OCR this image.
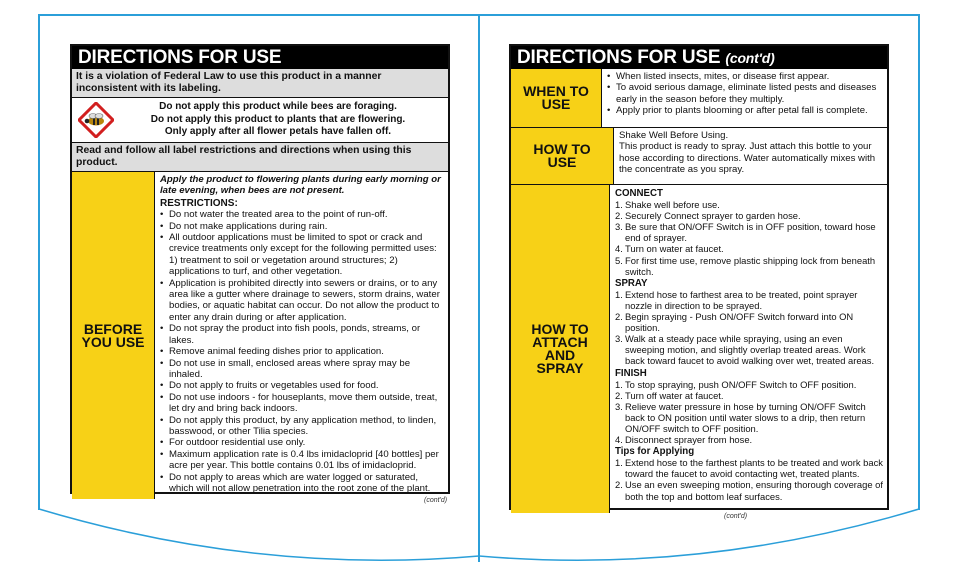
DIRECTIONS FOR USE
It is a violation of Federal Law to use this product in a manner inconsistent with its labeling.
Do not apply this product while bees are foraging.
Do not apply this product to plants that are flowering.
Only apply after all flower petals have fallen off.
Read and follow all label restrictions and directions when using this product.
BEFORE YOU USE
Apply the product to flowering plants during early morning or late evening, when bees are not present.
RESTRICTIONS:
• Do not water the treated area to the point of run-off.
• Do not make applications during rain.
• All outdoor applications must be limited to spot or crack and crevice treatments only except for the following permitted uses: 1) treatment to soil or vegetation around structures; 2) applications to turf, and other vegetation.
• Application is prohibited directly into sewers or drains, or to any area like a gutter where drainage to sewers, storm drains, water bodies, or aquatic habitat can occur. Do not allow the product to enter any drain during or after application.
• Do not spray the product into fish pools, ponds, streams, or lakes.
• Remove animal feeding dishes prior to application.
• Do not use in small, enclosed areas where spray may be inhaled.
• Do not apply to fruits or vegetables used for food.
• Do not use indoors - for houseplants, move them outside, treat, let dry and bring back indoors.
• Do not apply this product, by any application method, to linden, basswood, or other Tilia species.
• For outdoor residential use only.
• Maximum application rate is 0.4 lbs imidacloprid [40 bottles] per acre per year. This bottle contains 0.01 lbs of imidacloprid.
• Do not apply to areas which are water logged or saturated, which will not allow penetration into the root zone of the plant.
(cont'd)
DIRECTIONS FOR USE (cont'd)
WHEN TO USE
• When listed insects, mites, or disease first appear.
• To avoid serious damage, eliminate listed pests and diseases early in the season before they multiply.
• Apply prior to plants blooming or after petal fall is complete.
HOW TO USE
Shake Well Before Using.
This product is ready to spray. Just attach this bottle to your hose according to directions. Water automatically mixes with the concentrate as you spray.
HOW TO ATTACH AND SPRAY
CONNECT
1. Shake well before use.
2. Securely Connect sprayer to garden hose.
3. Be sure that ON/OFF Switch is in OFF position, toward hose end of sprayer.
4. Turn on water at faucet.
5. For first time use, remove plastic shipping lock from beneath switch.
SPRAY
1. Extend hose to farthest area to be treated, point sprayer nozzle in direction to be sprayed.
2. Begin spraying - Push ON/OFF Switch forward into ON position.
3. Walk at a steady pace while spraying, using an even sweeping motion, and slightly overlap treated areas. Work back toward faucet to avoid walking over wet, treated areas.
FINISH
1. To stop spraying, push ON/OFF Switch to OFF position.
2. Turn off water at faucet.
3. Relieve water pressure in hose by turning ON/OFF Switch back to ON position until water slows to a drip, then return ON/OFF switch to OFF position.
4. Disconnect sprayer from hose.
Tips for Applying
1. Extend hose to the farthest plants to be treated and work back toward the faucet to avoid contacting wet, treated plants.
2. Use an even sweeping motion, ensuring thorough coverage of both the top and bottom leaf surfaces.
(cont'd)
